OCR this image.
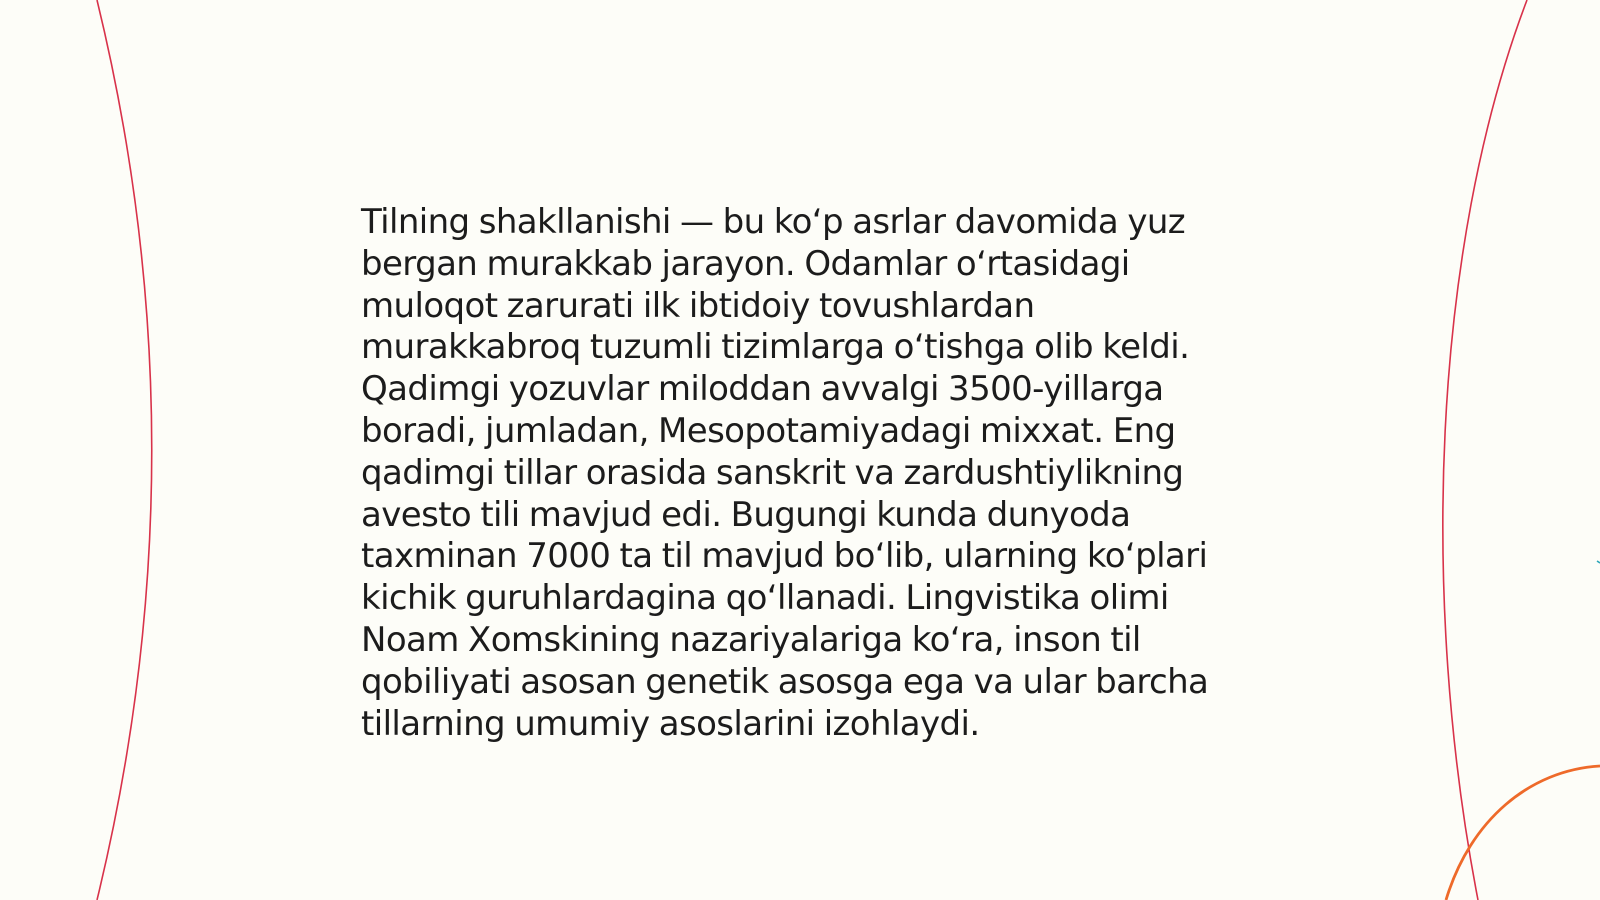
Tilning shakllanishi — bu koʻp asrlar davomida yuz
bergan murakkab jarayon. Odamlar oʻrtasidagi
muloqot zarurati ilk ibtidoiy tovushlardan
murakkabroq tuzumli tizimlarga oʻtishga olib keldi.
Qadimgi yozuvlar miloddan avvalgi 3500-yillarga
boradi, jumladan, Mesopotamiyadagi mixxat. Eng
qadimgi tillar orasida sanskrit va zardushtiylikning
avesto tili mavjud edi. Bugungi kunda dunyoda
taxminan 7000 ta til mavjud boʻlib, ularning koʻplari
kichik guruhlardagina qoʻllanadi. Lingvistika olimi
Noam Xomskining nazariyalariga koʻra, inson til
qobiliyati asosan genetik asosga ega va ular barcha
tillarning umumiy asoslarini izohlaydi.
